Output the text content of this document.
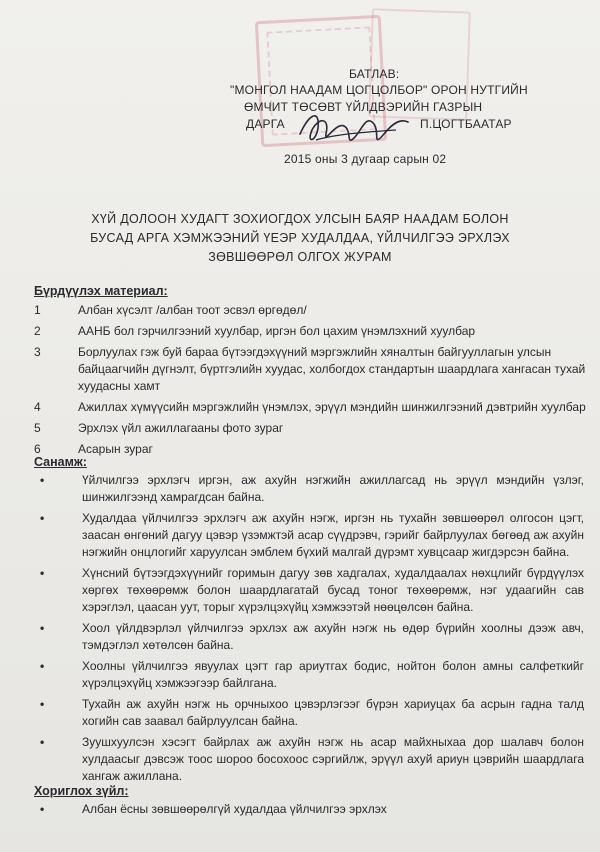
БАТЛАВ:
"МОНГОЛ НААДАМ ЦОГЦОЛБОР" ОРОН НУТГИЙН
ӨМЧИТ ТӨСӨВТ ҮЙЛДВЭРИЙН ГАЗРЫН
ДАРГА	П.ЦОГТБААТАР
2015 оны 3 дугаар сарын 02
ХҮЙ ДОЛООН ХУДАГТ ЗОХИОГДОХ УЛСЫН БАЯР НААДАМ БОЛОН
БУСАД АРГА ХЭМЖЭЭНИЙ ҮЕЭР ХУДАЛДАА, ҮЙЛЧИЛГЭЭ ЭРХЛЭХ
ЗӨВШӨӨРӨЛ ОЛГОХ ЖУРАМ
Бүрдүүлэх материал:
1	Албан хүсэлт /албан тоот эсвэл өргөдөл/
2	ААНБ бол гэрчилгээний хуулбар, иргэн бол цахим үнэмлэхний хуулбар
3	Борлуулах гэж буй бараа бүтээгдэхүүний мэргэжлийн хяналтын байгууллагын улсын байцаагчийн дүгнэлт, бүртгэлийн хуудас, холбогдох стандартын шаардлага хангасан тухай хуудасны хамт
4	Ажиллах хүмүүсийн мэргэжлийн үнэмлэх, эрүүл мэндийн шинжилгээний дэвтрийн хуулбар
5	Эрхлэх үйл ажиллагааны фото зураг
6	Асарын зураг
Санамж:
•	Үйлчилгээ эрхлэгч иргэн, аж ахуйн нэгжийн ажиллагсад нь эрүүл мэндийн үзлэг, шинжилгээнд хамрагдсан байна.
•	Худалдаа үйлчилгээ эрхлэгч аж ахуйн нэгж, иргэн нь тухайн зөвшөөрөл олгосон цэгт, заасан өнгөний дагуу цэвэр үзэмжтэй асар сүүдрэвч, гэрийг байрлуулах бөгөөд аж ахуйн нэгжийн онцлогийг харуулсан эмблем бүхий малгай дүрэмт хувцсаар жигдэрсэн байна.
•	Хүнсний бүтээгдэхүүнийг горимын дагуу зөв хадгалах, худалдаалах нөхцлийг бүрдүүлэх хөргөх төхөөрөмж болон шаардлагатай бусад тоног төхөөрөмж, нэг удаагийн сав хэрэглэл, цаасан уут, торыг хүрэлцэхүйц хэмжээтэй нөөцөлсөн байна.
•	Хоол үйлдвэрлэл үйлчилгээ эрхлэх аж ахуйн нэгж нь өдөр бүрийн хоолны дээж авч, тэмдэглэл хөтөлсөн байна.
•	Хоолны үйлчилгээ явуулах цэгт гар ариутгах бодис, нойтон болон амны салфеткийг хүрэлцэхүйц хэмжээгээр байлгана.
•	Тухайн аж ахуйн нэгж нь орчныхоо цэвэрлэгээг бүрэн хариуцах ба асрын гадна талд хогийн сав заавал байрлуулсан байна.
•	Зуушхуулсэн хэсэгт байрлах аж ахуйн нэгж нь асар майхныхаа дор шалавч болон хулдаасыг дэвсэж тоос шороо босохоос сэргийлж, эрүүл ахуй ариун цэврийн шаардлага хангаж ажиллана.
Хориглох зүйл:
•	Албан ёсны зөвшөөрөлгүй худалдаа үйлчилгээ эрхлэх
